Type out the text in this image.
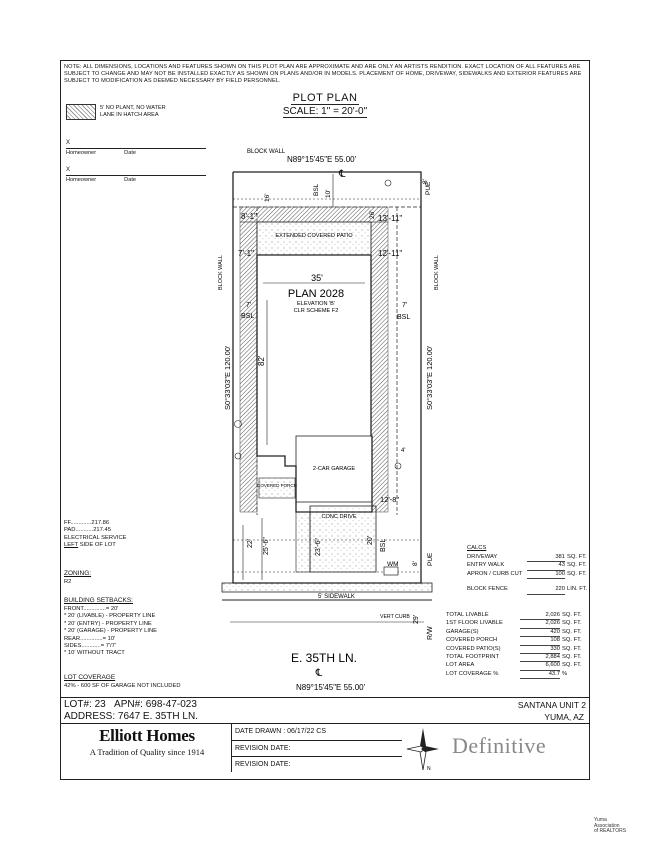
NOTE: ALL DIMENSIONS, LOCATIONS AND FEATURES SHOWN ON THIS PLOT PLAN ARE APPROXIMATE AND ARE ONLY AN ARTISTS RENDITION. EXACT LOCATION OF ALL FEATURES ARE SUBJECT TO CHANGE AND MAY NOT BE INSTALLED EXACTLY AS SHOWN ON PLANS AND/OR IN MODELS. PLACEMENT OF HOME, DRIVEWAY, SIDEWALKS AND EXTERIOR FEATURES ARE SUBJECT TO MODIFICATION AS DEEMED NECESSARY BY FIELD PERSONNEL.
5' NO PLANT, NO WATER
LANE IN HATCH AREA
PLOT PLAN
SCALE: 1" = 20'-0"
X
Homeowner	Date
X
Homeowner	Date
BLOCK WALL
N89°15'45"E 55.00'
N89°15'45"E 55.00'
S0°33'03"E 120.00'	S0°33'03"E 120.00'
BLOCK WALL	BLOCK WALL
10'
BSL	PUE
8'
℄
16'
26'
8'-1"	13'-11"
7'-1"	12'-11"
EXTENDED COVERED PATIO
35'
PLAN 2028
ELEVATION 'B'
CLR SCHEME F2
7'
BSL
7'
BSL
82'
4'
2-CAR GARAGE
COVERED PORCH
12'-8"
CONC DRIVE
22' 25'-6"	23'-6"	20' BSL
8' PUE
WM
5' SIDEWALK
VERT CURB
R/W
29'
E. 35TH LN.
℄
FF.............217.86
PAD...........217.45
ELECTRICAL SERVICE
LEFT SIDE OF LOT
ZONING:
R2
BUILDING SETBACKS:
FRONT..............= 20'
* 20' (LIVABLE) - PROPERTY LINE
* 20' (ENTRY) - PROPERTY LINE
* 20' (GARAGE) - PROPERTY LINE
REAR..............= 10'
SIDES............= 7'/7'
* 10' WITHOUT TRACT
LOT COVERAGE
42% - 600 SF OF GARAGE NOT INCLUDED
CALCS
DRIVEWAY	381 SQ. FT.
ENTRY WALK	43 SQ. FT.
APRON / CURB CUT	100 SQ. FT.
BLOCK FENCE	220 LIN. FT.
TOTAL LIVABLE	2,026 SQ. FT.
1ST FLOOR LIVABLE	2,026 SQ. FT.
GARAGE(S)	420 SQ. FT.
COVERED PORCH	108 SQ. FT.
COVERED PATIO(S)	330 SQ. FT.
TOTAL FOOTPRINT	2,884 SQ. FT.
LOT AREA	6,600 SQ. FT.
LOT COVERAGE %	43.7 %
LOT#: 23 APN#: 698-47-023
ADDRESS: 7647 E. 35TH LN.
SANTANA UNIT 2
YUMA, AZ
Elliott Homes
A Tradition of Quality since 1914
DATE DRAWN : 06/17/22 CS
REVISION DATE:
REVISION DATE:
N
Definitive
Yuma
Association
of REALTORS
